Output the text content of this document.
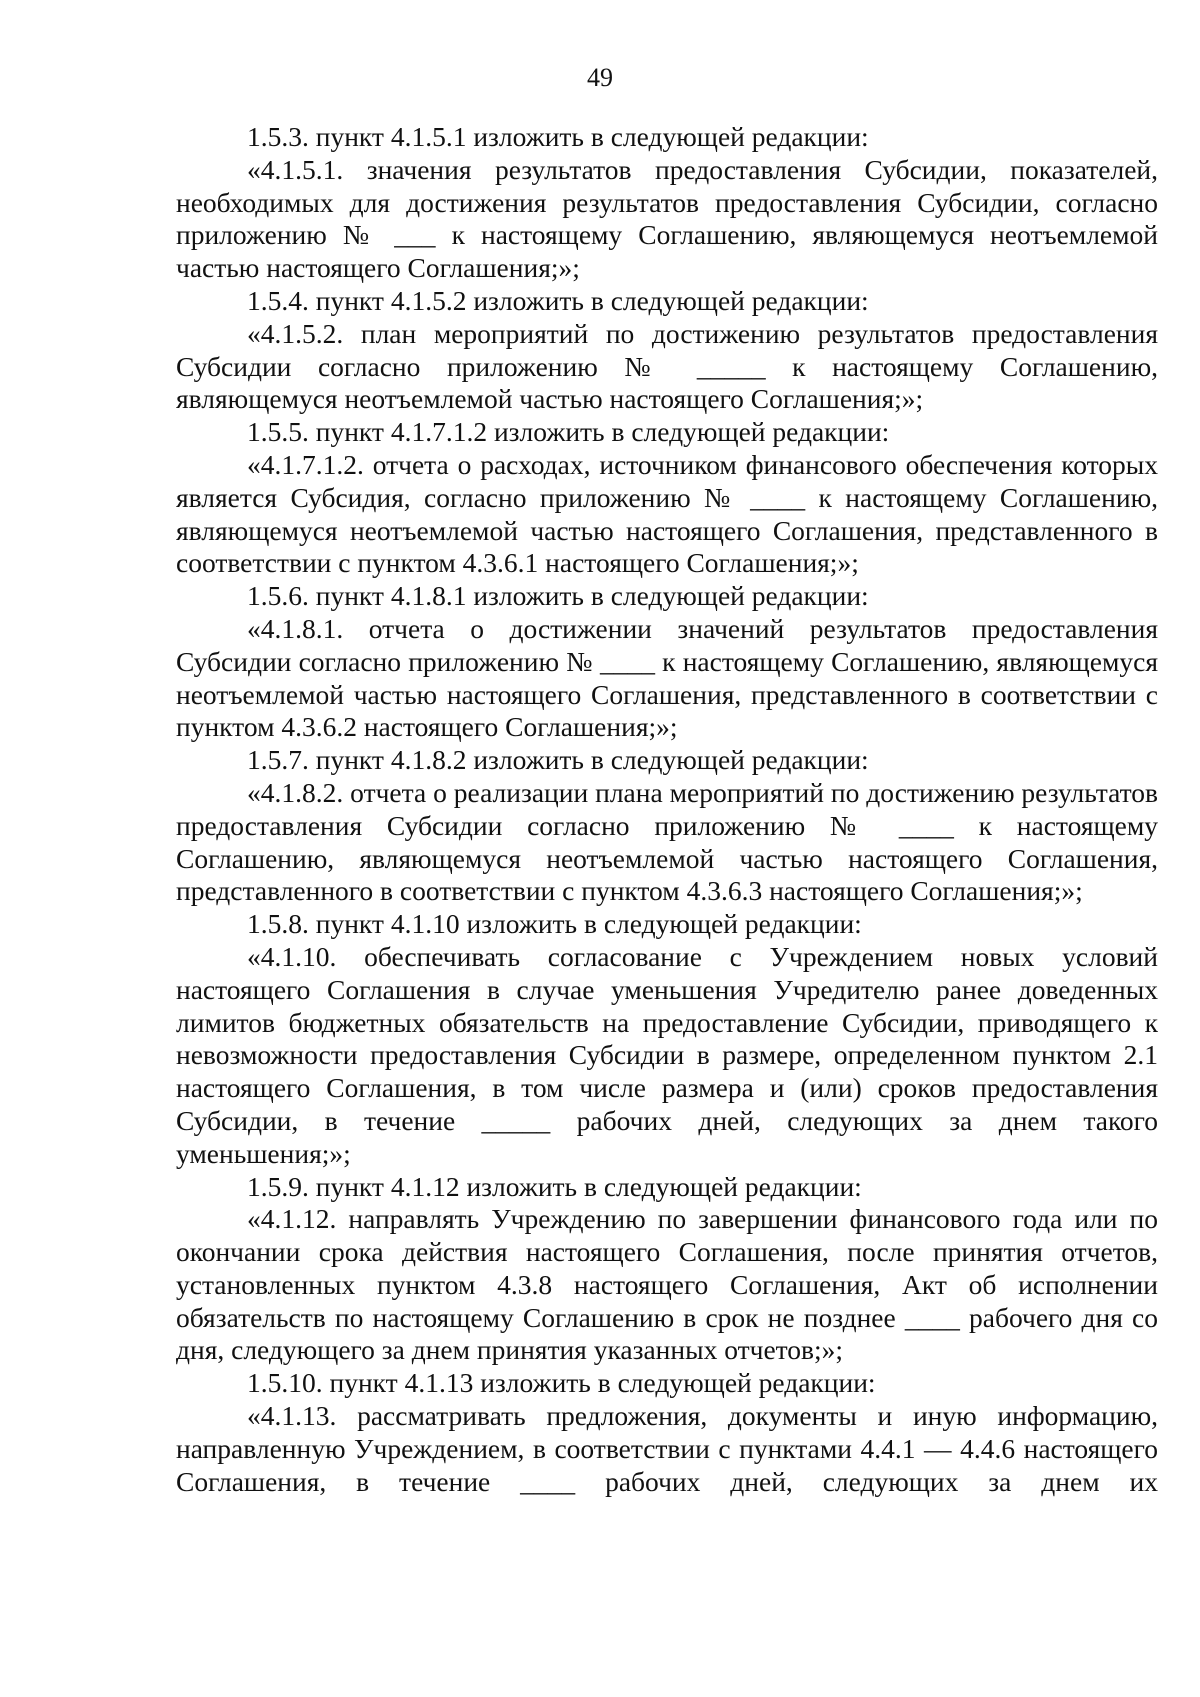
49

1.5.3. пункт 4.1.5.1 изложить в следующей редакции:

«4.1.5.1. значения результатов предоставления Субсидии, показателей, необходимых для достижения результатов предоставления Субсидии, согласно приложению № ___ к настоящему Соглашению, являющемуся неотъемлемой частью настоящего Соглашения;»;

1.5.4. пункт 4.1.5.2 изложить в следующей редакции:

«4.1.5.2. план мероприятий по достижению результатов предоставления Субсидии согласно приложению № _____ к настоящему Соглашению, являющемуся неотъемлемой частью настоящего Соглашения;»;

1.5.5. пункт 4.1.7.1.2 изложить в следующей редакции:

«4.1.7.1.2. отчета о расходах, источником финансового обеспечения которых является Субсидия, согласно приложению № ____ к настоящему Соглашению, являющемуся неотъемлемой частью настоящего Соглашения, представленного в соответствии с пунктом 4.3.6.1 настоящего Соглашения;»;

1.5.6. пункт 4.1.8.1 изложить в следующей редакции:

«4.1.8.1. отчета о достижении значений результатов предоставления Субсидии согласно приложению № ____ к настоящему Соглашению, являющемуся неотъемлемой частью настоящего Соглашения, представленного в соответствии с пунктом 4.3.6.2 настоящего Соглашения;»;

1.5.7. пункт 4.1.8.2 изложить в следующей редакции:

«4.1.8.2. отчета о реализации плана мероприятий по достижению результатов предоставления Субсидии согласно приложению № ____ к настоящему Соглашению, являющемуся неотъемлемой частью настоящего Соглашения, представленного в соответствии с пунктом 4.3.6.3 настоящего Соглашения;»;

1.5.8. пункт 4.1.10 изложить в следующей редакции:

«4.1.10. обеспечивать согласование с Учреждением новых условий настоящего Соглашения в случае уменьшения Учредителю ранее доведенных лимитов бюджетных обязательств на предоставление Субсидии, приводящего к невозможности предоставления Субсидии в размере, определенном пунктом 2.1 настоящего Соглашения, в том числе размера и (или) сроков предоставления Субсидии, в течение _____ рабочих дней, следующих за днем такого уменьшения;»;

1.5.9. пункт 4.1.12 изложить в следующей редакции:

«4.1.12. направлять Учреждению по завершении финансового года или по окончании срока действия настоящего Соглашения, после принятия отчетов, установленных пунктом 4.3.8 настоящего Соглашения, Акт об исполнении обязательств по настоящему Соглашению в срок не позднее ____ рабочего дня со дня, следующего за днем принятия указанных отчетов;»;

1.5.10. пункт 4.1.13 изложить в следующей редакции:

«4.1.13. рассматривать предложения, документы и иную информацию, направленную Учреждением, в соответствии с пунктами 4.4.1 — 4.4.6 настоящего Соглашения, в течение ____ рабочих дней, следующих за днем их
